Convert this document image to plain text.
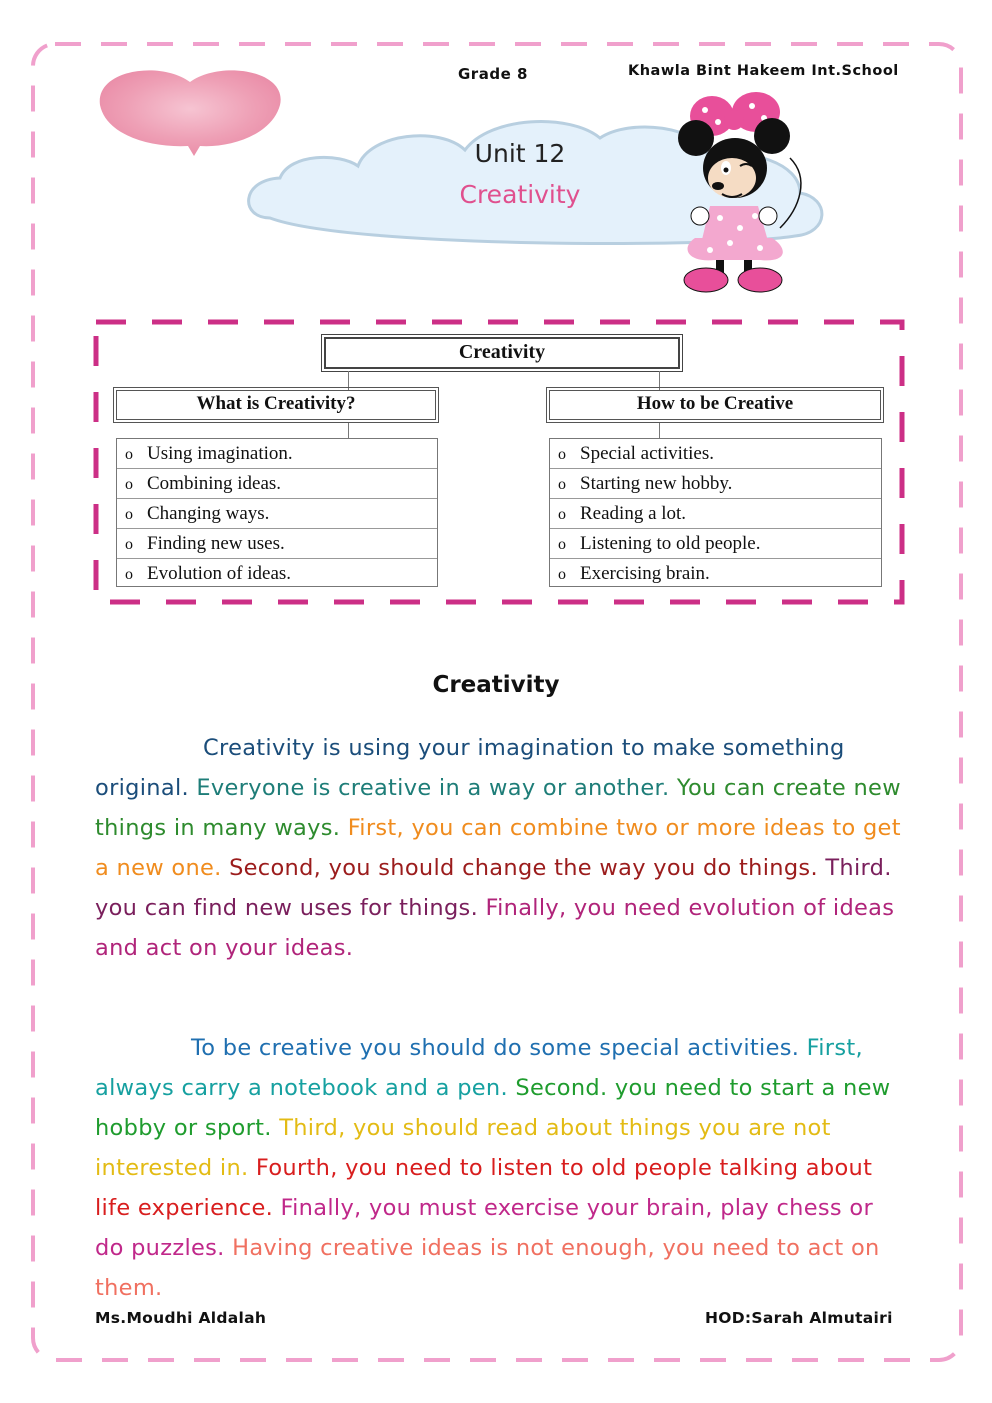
Grade 8	Khawla Bint Hakeem Int.School
Unit 12
Creativity
Creativity
What is Creativity?	How to be Creative
o Using imagination.
o Combining ideas.
o Changing ways.
o Finding new uses.
o Evolution of ideas.
o Special activities.
o Starting new hobby.
o Reading a lot.
o Listening to old people.
o Exercising brain.
Creativity
Creativity is using your imagination to make something original. Everyone is creative in a way or another. You can create new things in many ways. First, you can combine two or more ideas to get a new one. Second, you should change the way you do things. Third. you can find new uses for things. Finally, you need evolution of ideas and act on your ideas.
To be creative you should do some special activities. First, always carry a notebook and a pen. Second. you need to start a new hobby or sport. Third, you should read about things you are not interested in. Fourth, you need to listen to old people talking about life experience. Finally, you must exercise your brain, play chess or do puzzles. Having creative ideas is not enough, you need to act on them.
Ms.Moudhi Aldalah	HOD:Sarah Almutairi
